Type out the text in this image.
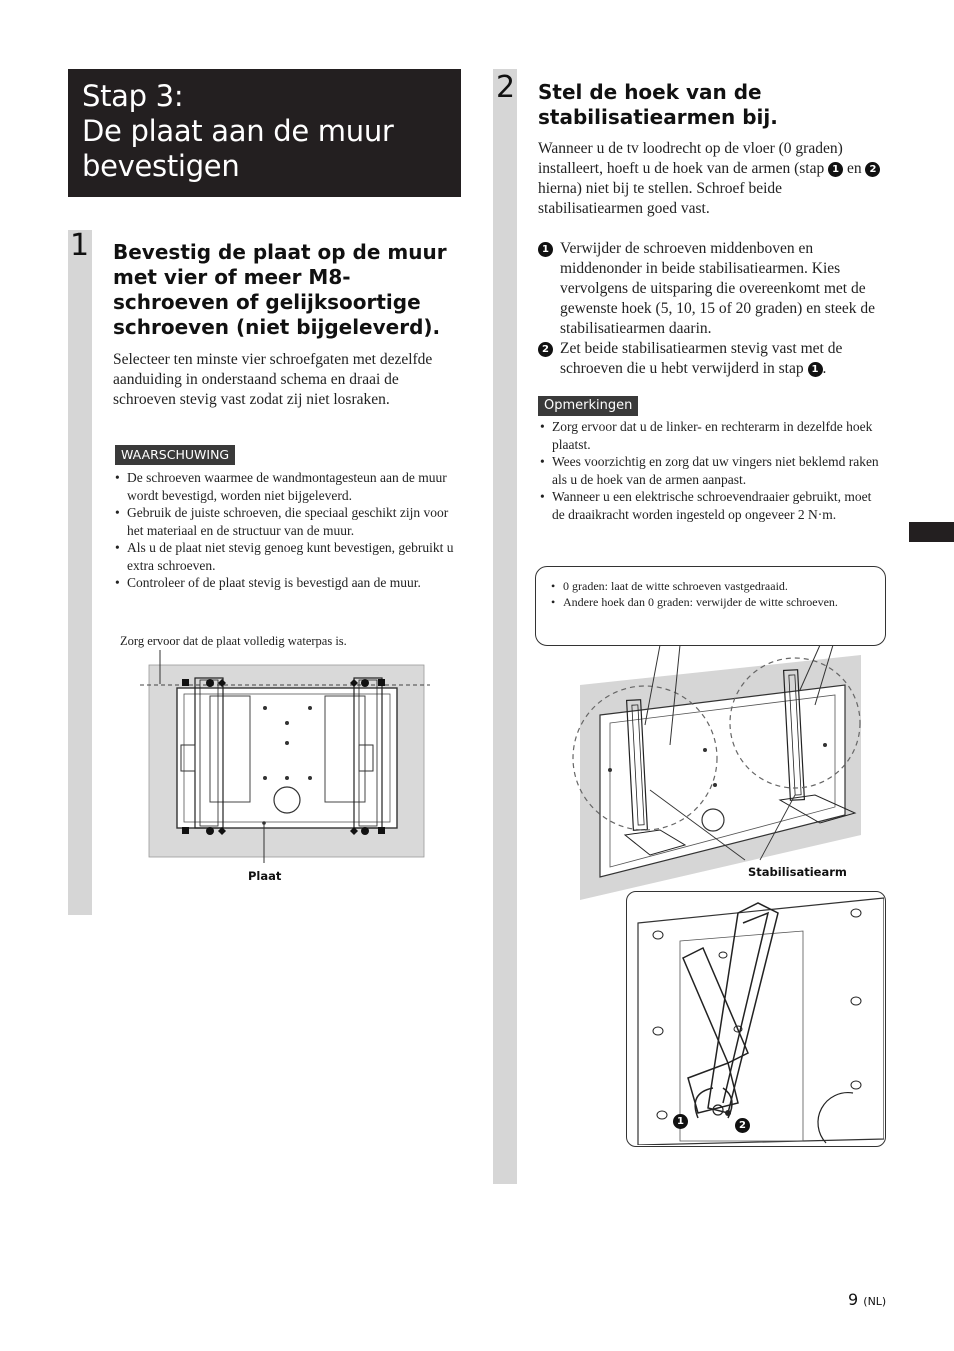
Stap 3:
De plaat aan de muur
bevestigen
1 Bevestig de plaat op de muur met vier of meer M8-schroeven of gelijksoortige schroeven (niet bijgeleverd).
Selecteer ten minste vier schroefgaten met dezelfde aanduiding in onderstaand schema en draai de schroeven stevig vast zodat zij niet losraken.
WAARSCHUWING
• De schroeven waarmee de wandmontagesteun aan de muur wordt bevestigd, worden niet bijgeleverd.
• Gebruik de juiste schroeven, die speciaal geschikt zijn voor het materiaal en de structuur van de muur.
• Als u de plaat niet stevig genoeg kunt bevestigen, gebruikt u extra schroeven.
• Controleer of de plaat stevig is bevestigd aan de muur.
Zorg ervoor dat de plaat volledig waterpas is.
Plaat
2 Stel de hoek van de stabilisatiearmen bij.
Wanneer u de tv loodrecht op de vloer (0 graden) installeert, hoeft u de hoek van de armen (stap 1 en 2 hierna) niet bij te stellen. Schroef beide stabilisatiearmen goed vast.
1 Verwijder de schroeven middenboven en middenonder in beide stabilisatiearmen. Kies vervolgens de uitsparing die overeenkomt met de gewenste hoek (5, 10, 15 of 20 graden) en steek de stabilisatiearmen daarin.
2 Zet beide stabilisatiearmen stevig vast met de schroeven die u hebt verwijderd in stap 1 .
Opmerkingen
• Zorg ervoor dat u de linker- en rechterarm in dezelfde hoek plaatst.
• Wees voorzichtig en zorg dat uw vingers niet beklemd raken als u de hoek van de armen aanpast.
• Wanneer u een elektrische schroevendraaier gebruikt, moet de draaikracht worden ingesteld op ongeveer 2 N·m.
• 0 graden: laat de witte schroeven vastgedraaid.
• Andere hoek dan 0 graden: verwijder de witte schroeven.
Stabilisatiearm
1	2
9 (NL)
